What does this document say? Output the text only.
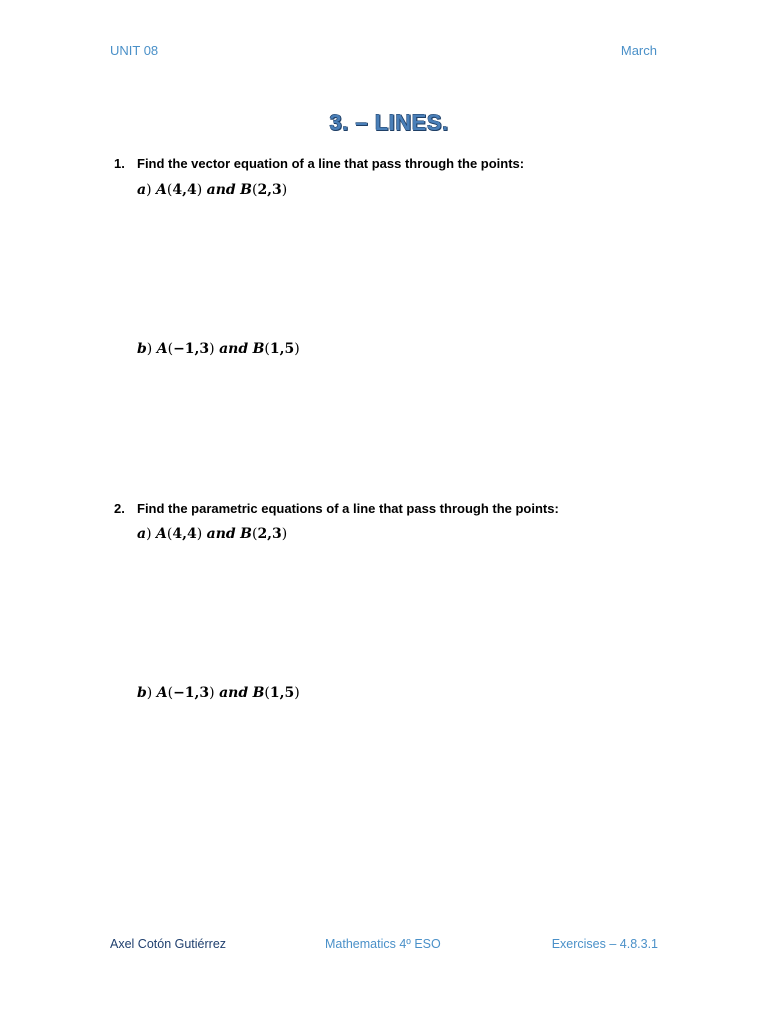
UNIT 08	March
3. – LINES.
1. Find the vector equation of a line that pass through the points:
a) A(4,4) and B(2,3)
b) A(−1,3) and B(1,5)
2. Find the parametric equations of a line that pass through the points:
a) A(4,4) and B(2,3)
b) A(−1,3) and B(1,5)
Axel Cotón Gutiérrez	Mathematics 4º ESO	Exercises – 4.8.3.1
